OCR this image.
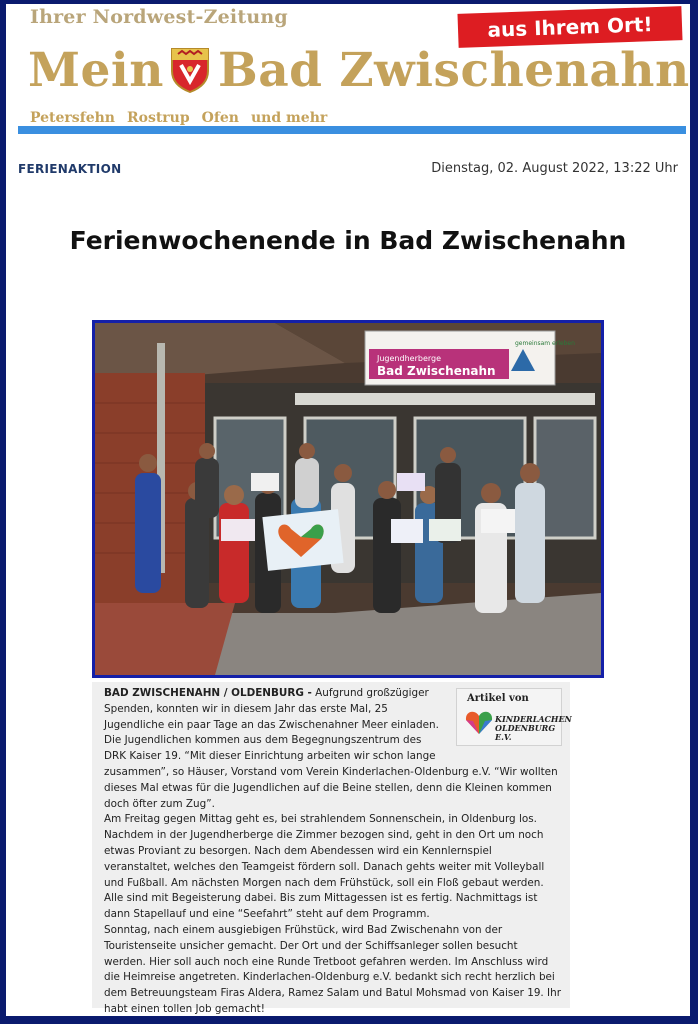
Ihrer Nordwest-Zeitung	aus Ihrem Ort!
Mein Bad Zwischenahn
Petersfehn Rostrup Ofen und mehr
FERIENAKTION	Dienstag, 02. August 2022, 13:22 Uhr
Ferienwochenende in Bad Zwischenahn
Jugendherberge
Bad Zwischenahn
gemeinsam erleben
BAD ZWISCHENAHN / OLDENBURG - Aufgrund großzügiger
Spenden, konnten wir in diesem Jahr das erste Mal, 25
Jugendliche ein paar Tage an das Zwischenahner Meer einladen.
Die Jugendlichen kommen aus dem Begegnungszentrum des
DRK Kaiser 19. “Mit dieser Einrichtung arbeiten wir schon lange
zusammen”, so Häuser, Vorstand vom Verein Kinderlachen-Oldenburg e.V. “Wir wollten
dieses Mal etwas für die Jugendlichen auf die Beine stellen, denn die Kleinen kommen
doch öfter zum Zug”.
Am Freitag gegen Mittag geht es, bei strahlendem Sonnenschein, in Oldenburg los.
Nachdem in der Jugendherberge die Zimmer bezogen sind, geht in den Ort um noch
etwas Proviant zu besorgen. Nach dem Abendessen wird ein Kennlernspiel
veranstaltet, welches den Teamgeist fördern soll. Danach gehts weiter mit Volleyball
und Fußball. Am nächsten Morgen nach dem Frühstück, soll ein Floß gebaut werden.
Alle sind mit Begeisterung dabei. Bis zum Mittagessen ist es fertig. Nachmittags ist
dann Stapellauf und eine “Seefahrt” steht auf dem Programm.
Sonntag, nach einem ausgiebigen Frühstück, wird Bad Zwischenahn von der
Touristenseite unsicher gemacht. Der Ort und der Schiffsanleger sollen besucht
werden. Hier soll auch noch eine Runde Tretboot gefahren werden. Im Anschluss wird
die Heimreise angetreten. Kinderlachen-Oldenburg e.V. bedankt sich recht herzlich bei
dem Betreuungsteam Firas Aldera, Ramez Salam und Batul Mohsmad von Kaiser 19. Ihr
habt einen tollen Job gemacht!
Artikel von
KINDERLACHEN
OLDENBURG E.V.
